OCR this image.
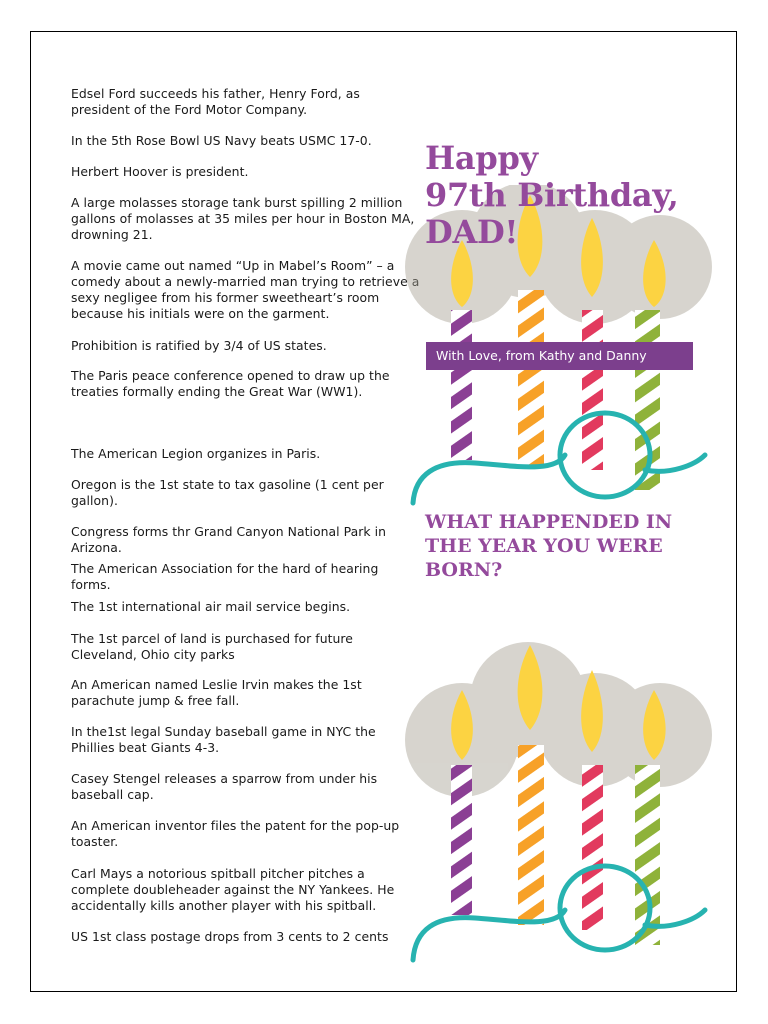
Edsel Ford succeeds his father, Henry Ford, as president of the Ford Motor Company.

In the 5th Rose Bowl US Navy beats USMC 17-0.

Herbert Hoover is president.

A large molasses storage tank burst spilling 2 million gallons of molasses at 35 miles per hour in Boston MA, drowning 21.

A movie came out named “Up in Mabel’s Room” – a comedy about a newly-married man trying to retrieve a sexy negligee from his former sweetheart’s room because his initials were on the garment.

Prohibition is ratified by 3/4 of US states.

The Paris peace conference opened to draw up the treaties formally ending the Great War (WW1).

The American Legion organizes in Paris.

Oregon is the 1st state to tax gasoline (1 cent per gallon).

Congress forms thr Grand Canyon National Park in Arizona.

The American Association for the hard of hearing forms.

The 1st international air mail service begins.

The 1st parcel of land is purchased for future Cleveland, Ohio city parks

An American named Leslie Irvin makes the 1st parachute jump & free fall.

In the1st legal Sunday baseball game in NYC the Phillies beat Giants 4-3.

Casey Stengel releases a sparrow from under his baseball cap.

An American inventor files the patent for the pop-up toaster.

Carl Mays a notorious spitball pitcher pitches a complete doubleheader against the NY Yankees. He accidentally kills another player with his spitball.

US 1st class postage drops from 3 cents to 2 cents

Happy
97th Birthday,
DAD!
With Love, from Kathy and Danny
WHAT HAPPENDED IN
THE YEAR YOU WERE
BORN?
